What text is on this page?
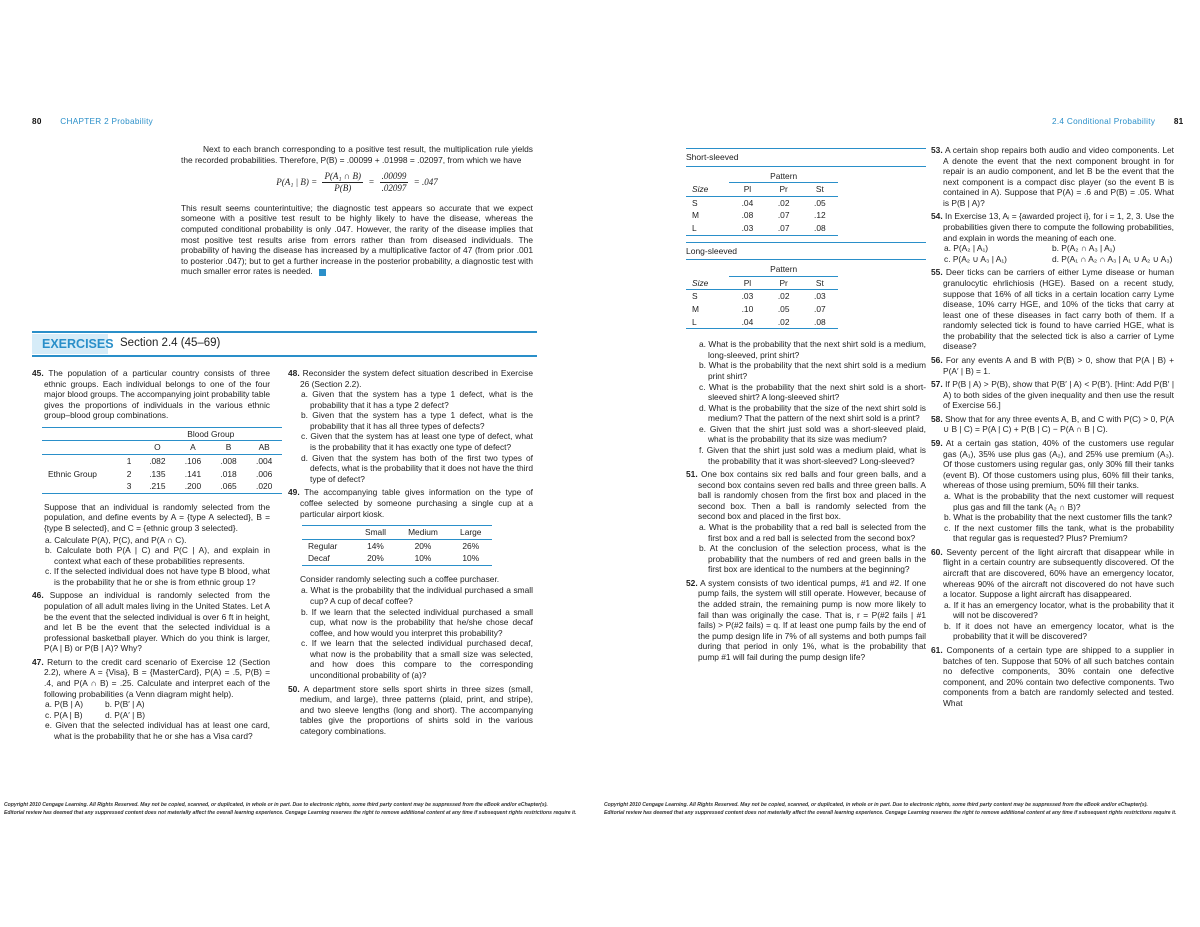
80 CHAPTER 2 Probability

Next to each branch corresponding to a positive test result, the multiplication rule yields the recorded probabilities. Therefore, P(B) = .00099 + .01998 = .02097, from which we have

P(A₁ | $B) = \frac{\text{P(A₁ ∩ B)}}{P(B)} = \frac{.00099}{.02097} = .047$

This result seems counterintuitive; the diagnostic test appears so accurate that we expect someone with a positive test result to be highly likely to have the disease, whereas the computed conditional probability is only .047. However, the rarity of the disease implies that most positive test results arise from errors rather than from diseased individuals. The probability of having the disease has increased by a multiplicative factor of 47 (from prior .001 to posterior .047); but to get a further increase in the posterior probability, a diagnostic test with much smaller error rates is needed.

EXERCISES Section 2.4 (45–69)
45. The population of a particular country consists of three ethnic groups. Each individual belongs to one of the four major blood groups. The accompanying joint probability table gives the proportions of individuals in the various ethnic group–blood group combinations.
		Blood Group			
		O	A	B	AB
	1	.082	.106	.008	.004
Ethnic Group	2	.135	.141	.018	.006
	3	.215	.200	.065	.020

Suppose that an individual is randomly selected from the population, and define events by A = {type A selected}, B = {type B selected}, and C = {ethnic group 3 selected}.

a. Calculate P(A), P(C), and P(A ∩ C).

b. Calculate both P(A | C) and P(C | A), and explain in context what each of these probabilities represents.

c. If the selected individual does not have type B blood, what is the probability that he or she is from ethnic group 1?

46. Suppose an individual is randomly selected from the population of all adult males living in the United States. Let A be the event that the selected individual is over 6 ft in height, and let B be the event that the selected individual is a professional basketball player. Which do you think is larger, P(A | B) or P(B | A)? Why?
47. Return to the credit card scenario of Exercise 12 (Section 2.2), where A = {Visa}, B = {MasterCard}, P(A) = .5, P(B) = .4, and P(A ∩ B) = .25. Calculate and interpret each of the following probabilities (a Venn diagram might help).
a. P(B | A)	b. P(B′ | A)
c. P(A | B)	d. P(A′ | B)

e. Given that the selected individual has at least one card, what is the probability that he or she has a Visa card?

48. Reconsider the system defect situation described in Exercise 26 (Section 2.2).

a. Given that the system has a type 1 defect, what is the probability that it has a type 2 defect?

b. Given that the system has a type 1 defect, what is the probability that it has all three types of defects?

c. Given that the system has at least one type of defect, what is the probability that it has exactly one type of defect?

d. Given that the system has both of the first two types of defects, what is the probability that it does not have the third type of defect?

49. The accompanying table gives information on the type of coffee selected by someone purchasing a single cup at a particular airport kiosk.
	Small	Medium	Large
Regular	14%	20%	26%
Decaf	20%	10%	10%

Consider randomly selecting such a coffee purchaser.

a. What is the probability that the individual purchased a small cup? A cup of decaf coffee?

b. If we learn that the selected individual purchased a small cup, what now is the probability that he/she chose decaf coffee, and how would you interpret this probability?

c. If we learn that the selected individual purchased decaf, what now is the probability that a small size was selected, and how does this compare to the corresponding unconditional probability of (a)?

50. A department store sells sport shirts in three sizes (small, medium, and large), three patterns (plaid, print, and stripe), and two sleeve lengths (long and short). The accompanying tables give the proportions of shirts sold in the various category combinations.
Copyright 2010 Cengage Learning. All Rights Reserved. May not be copied, scanned, or duplicated, in whole or in part. Due to electronic rights, some third party content may be suppressed from the eBook and/or eChapter(s).
Editorial review has deemed that any suppressed content does not materially affect the overall learning experience. Cengage Learning reserves the right to remove additional content at any time if subsequent rights restrictions require it.
2.4 Conditional Probability 81
Short-sleeved
	Pattern		
Size	Pl	Pr	St
S	.04	.02	.05
M	.08	.07	.12
L	.03	.07	.08
Long-sleeved
	Pattern		
Size	Pl	Pr	St
S	.03	.02	.03
M	.10	.05	.07
L	.04	.02	.08

a. What is the probability that the next shirt sold is a medium, long-sleeved, print shirt?

b. What is the probability that the next shirt sold is a medium print shirt?

c. What is the probability that the next shirt sold is a short-sleeved shirt? A long-sleeved shirt?

d. What is the probability that the size of the next shirt sold is medium? That the pattern of the next shirt sold is a print?

e. Given that the shirt just sold was a short-sleeved plaid, what is the probability that its size was medium?

f. Given that the shirt just sold was a medium plaid, what is the probability that it was short-sleeved? Long-sleeved?

51. One box contains six red balls and four green balls, and a second box contains seven red balls and three green balls. A ball is randomly chosen from the first box and placed in the second box. Then a ball is randomly selected from the second box and placed in the first box.

a. What is the probability that a red ball is selected from the first box and a red ball is selected from the second box?

b. At the conclusion of the selection process, what is the probability that the numbers of red and green balls in the first box are identical to the numbers at the beginning?

52. A system consists of two identical pumps, #1 and #2. If one pump fails, the system will still operate. However, because of the added strain, the remaining pump is now more likely to fail than was originally the case. That is, r = P(#2 fails | #1 fails) > P(#2 fails) = q. If at least one pump fails by the end of the pump design life in 7% of all systems and both pumps fail during that period in only 1%, what is the probability that pump #1 will fail during the pump design life?
53. A certain shop repairs both audio and video components. Let A denote the event that the next component brought in for repair is an audio component, and let B be the event that the next component is a compact disc player (so the event B is contained in A). Suppose that P(A) = .6 and P(B) = .05. What is P(B | A)?
54. In Exercise 13, Aᵢ = {awarded project i}, for i = 1, 2, 3. Use the probabilities given there to compute the following probabilities, and explain in words the meaning of each one.
a. P(A₂ | A₁)	b. P(A₂ ∩ A₃ | A₁)
c. P(A₂ ∪ A₃ | A₁)	d. P(A₁ ∩ A₂ ∩ A₃ | A₁ ∪ A₂ ∪ A₃)
55. Deer ticks can be carriers of either Lyme disease or human granulocytic ehrlichiosis (HGE). Based on a recent study, suppose that 16% of all ticks in a certain location carry Lyme disease, 10% carry HGE, and 10% of the ticks that carry at least one of these diseases in fact carry both of them. If a randomly selected tick is found to have carried HGE, what is the probability that the selected tick is also a carrier of Lyme disease?
56. For any events A and B with P(B) > 0, show that P(A | B) + P(A′ | B) = 1.
57. If P(B | A) > P(B), show that P(B′ | A) < P(B′). [Hint: Add P(B′ | A) to both sides of the given inequality and then use the result of Exercise 56.]
58. Show that for any three events A, B, and C with P(C) > 0, P(A ∪ B | C) = P(A | C) + P(B | C) − P(A ∩ B | C).
59. At a certain gas station, 40% of the customers use regular gas (A₁), 35% use plus gas (A₂), and 25% use premium (A₃). Of those customers using regular gas, only 30% fill their tanks (event B). Of those customers using plus, 60% fill their tanks, whereas of those using premium, 50% fill their tanks.

a. What is the probability that the next customer will request plus gas and fill the tank (A₂ ∩ B)?

b. What is the probability that the next customer fills the tank?

c. If the next customer fills the tank, what is the probability that regular gas is requested? Plus? Premium?

60. Seventy percent of the light aircraft that disappear while in flight in a certain country are subsequently discovered. Of the aircraft that are discovered, 60% have an emergency locator, whereas 90% of the aircraft not discovered do not have such a locator. Suppose a light aircraft has disappeared.

a. If it has an emergency locator, what is the probability that it will not be discovered?

b. If it does not have an emergency locator, what is the probability that it will be discovered?

61. Components of a certain type are shipped to a supplier in batches of ten. Suppose that 50% of all such batches contain no defective components, 30% contain one defective component, and 20% contain two defective components. Two components from a batch are randomly selected and tested. What
Copyright 2010 Cengage Learning. All Rights Reserved. May not be copied, scanned, or duplicated, in whole or in part. Due to electronic rights, some third party content may be suppressed from the eBook and/or eChapter(s).
Editorial review has deemed that any suppressed content does not materially affect the overall learning experience. Cengage Learning reserves the right to remove additional content at any time if subsequent rights restrictions require it.
